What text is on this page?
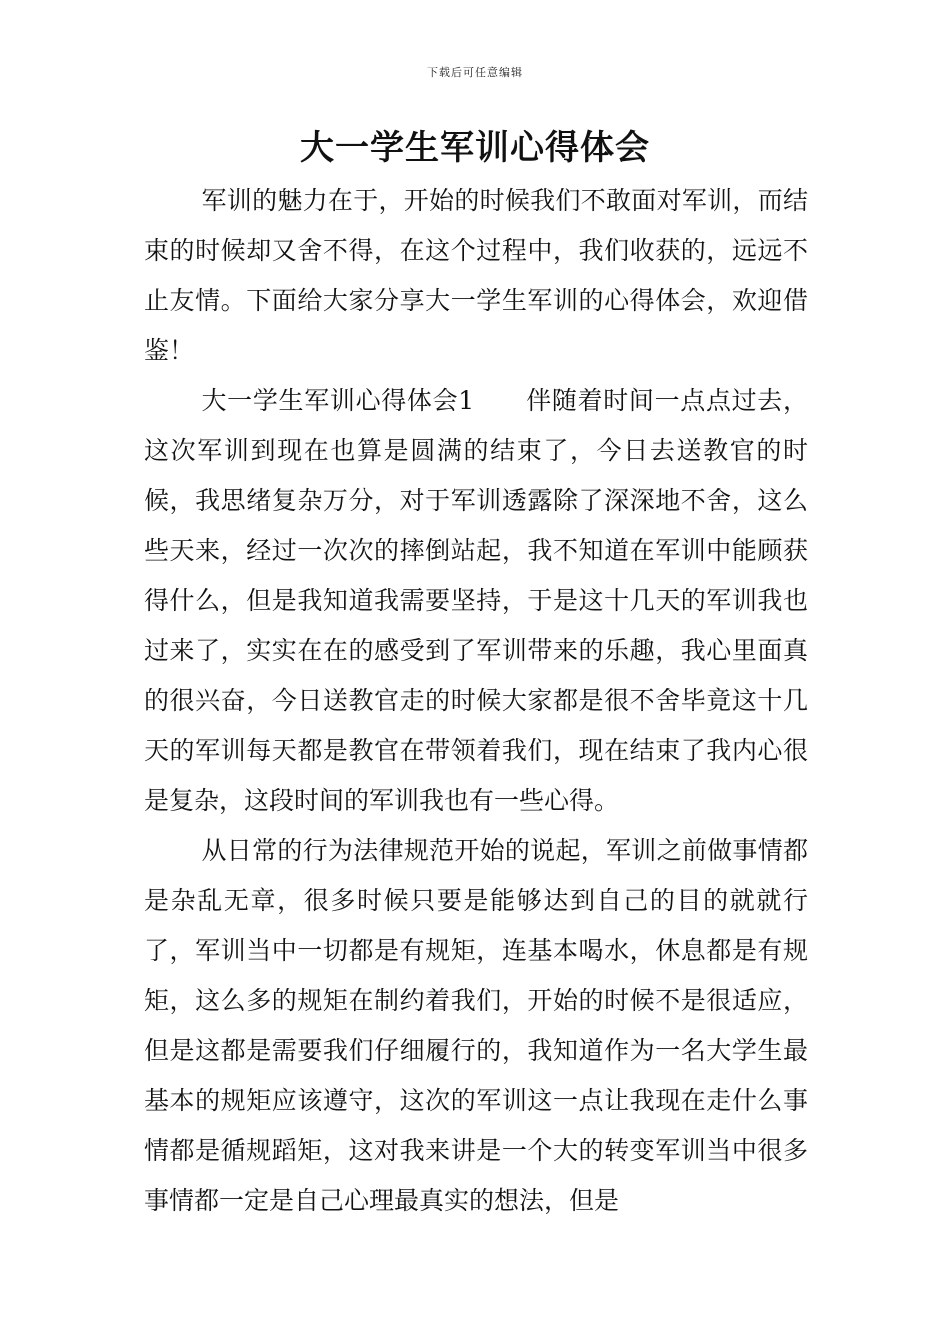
下载后可任意编辑
大一学生军训心得体会

军训的魅力在于，开始的时候我们不敢面对军训，而结束的时候却又舍不得，在这个过程中，我们收获的，远远不止友情。下面给大家分享大一学生军训的心得体会，欢迎借鉴！

大一学生军训心得体会1　　伴随着时间一点点过去，这次军训到现在也算是圆满的结束了，今日去送教官的时候，我思绪复杂万分，对于军训透露除了深深地不舍，这么些天来，经过一次次的摔倒站起，我不知道在军训中能顾获得什么，但是我知道我需要坚持，于是这十几天的军训我也过来了，实实在在的感受到了军训带来的乐趣，我心里面真的很兴奋，今日送教官走的时候大家都是很不舍毕竟这十几天的军训每天都是教官在带领着我们，现在结束了我内心很是复杂，这段时间的军训我也有一些心得。

从日常的行为法律规范开始的说起，军训之前做事情都是杂乱无章，很多时候只要是能够达到自己的目的就就行了，军训当中一切都是有规矩，连基本喝水，休息都是有规矩，这么多的规矩在制约着我们，开始的时候不是很适应，但是这都是需要我们仔细履行的，我知道作为一名大学生最基本的规矩应该遵守，这次的军训这一点让我现在走什么事情都是循规蹈矩，这对我来讲是一个大的转变军训当中很多事情都一定是自己心理最真实的想法，但是
